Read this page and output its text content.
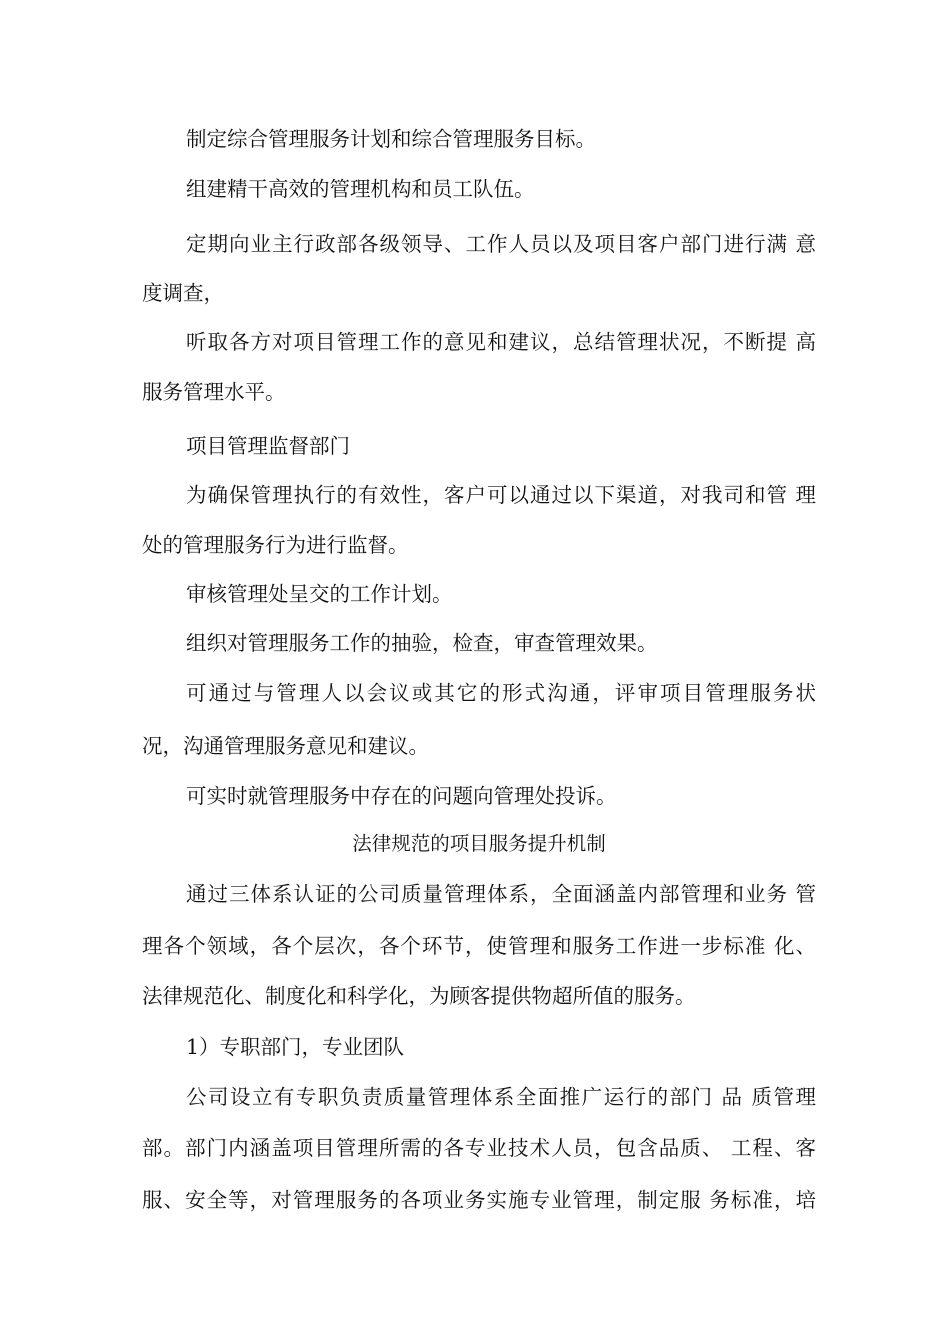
制定综合管理服务计划和综合管理服务目标。
组建精干高效的管理机构和员工队伍。
定期向业主行政部各级领导、工作人员以及项目客户部门进行满 意
度调查，
听取各方对项目管理工作的意见和建议，总结管理状况，不断提 高
服务管理水平。
项目管理监督部门
为确保管理执行的有效性，客户可以通过以下渠道，对我司和管 理
处的管理服务行为进行监督。
审核管理处呈交的工作计划。
组织对管理服务工作的抽验，检查，审查管理效果。
可通过与管理人以会议或其它的形式沟通，评审项目管理服务状
况，沟通管理服务意见和建议。
可实时就管理服务中存在的问题向管理处投诉。
法律规范的项目服务提升机制
通过三体系认证的公司质量管理体系，全面涵盖内部管理和业务 管
理各个领域，各个层次，各个环节，使管理和服务工作进一步标准 化、
法律规范化、制度化和科学化，为顾客提供物超所值的服务。
1）专职部门，专业团队
公司设立有专职负责质量管理体系全面推广运行的部门 品 质管理
部。部门内涵盖项目管理所需的各专业技术人员，包含品质、 工程、客
服、安全等，对管理服务的各项业务实施专业管理，制定服 务标准，培
